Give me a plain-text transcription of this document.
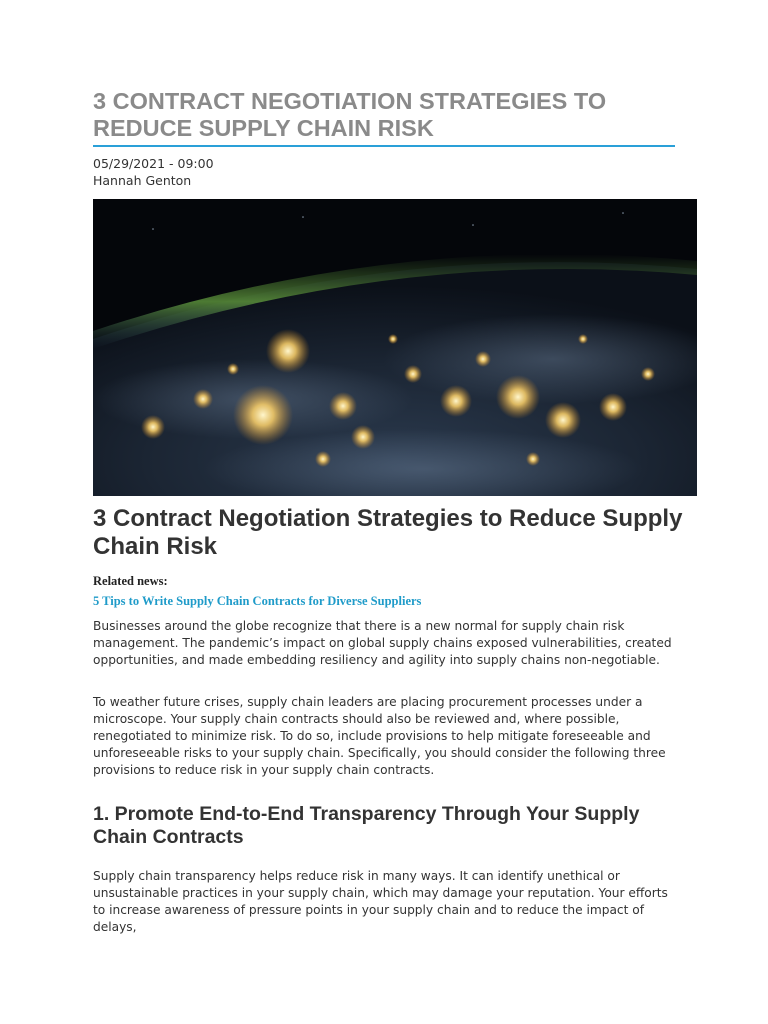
3 CONTRACT NEGOTIATION STRATEGIES TO REDUCE SUPPLY CHAIN RISK
05/29/2021 - 09:00
Hannah Genton
3 Contract Negotiation Strategies to Reduce Supply Chain Risk
Related news:
5 Tips to Write Supply Chain Contracts for Diverse Suppliers

Businesses around the globe recognize that there is a new normal for supply chain risk management. The pandemic’s impact on global supply chains exposed vulnerabilities, created opportunities, and made embedding resiliency and agility into supply chains non-negotiable.

To weather future crises, supply chain leaders are placing procurement processes under a microscope. Your supply chain contracts should also be reviewed and, where possible, renegotiated to minimize risk. To do so, include provisions to help mitigate foreseeable and unforeseeable risks to your supply chain. Specifically, you should consider the following three provisions to reduce risk in your supply chain contracts.

1. Promote End-to-End Transparency Through Your Supply Chain Contracts

Supply chain transparency helps reduce risk in many ways. It can identify unethical or unsustainable practices in your supply chain, which may damage your reputation. Your efforts to increase awareness of pressure points in your supply chain and to reduce the impact of delays,
